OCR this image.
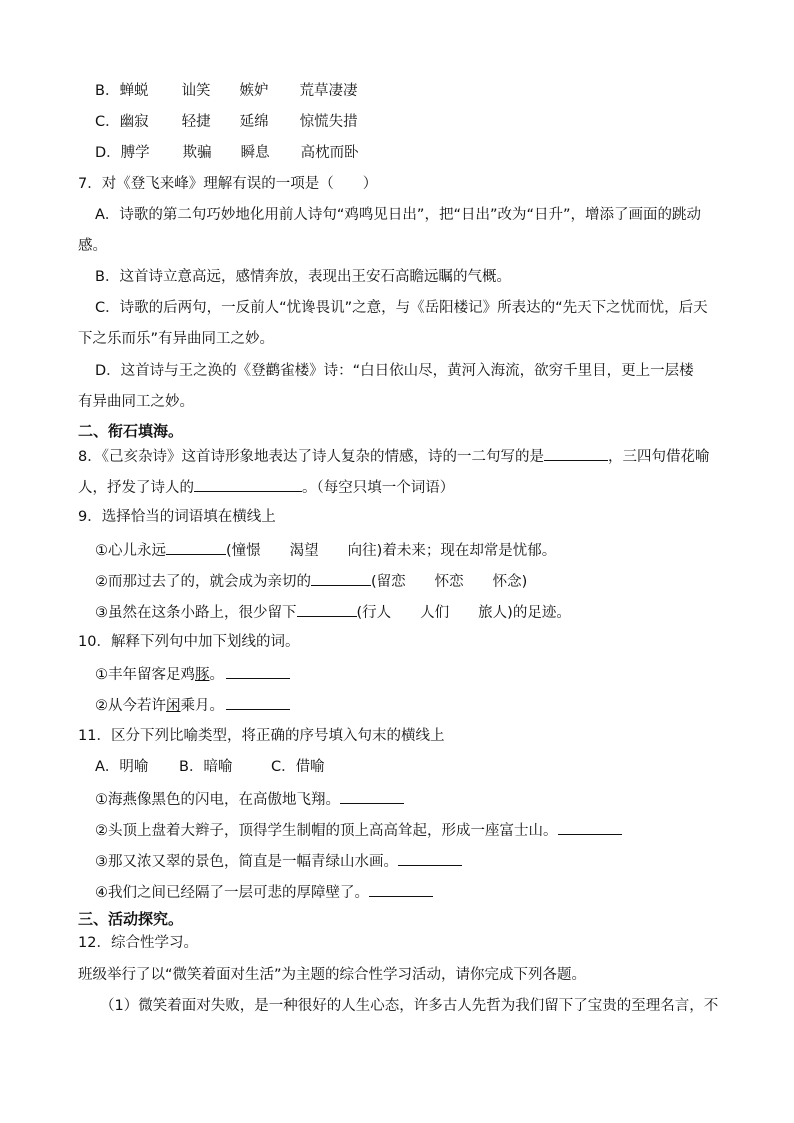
B．蝉蜕 讪笑 嫉妒 荒草凄凄
C．幽寂 轻捷 延绵 惊慌失措
D．膊学 欺骗 瞬息 高枕而卧
7．对《登飞来峰》理解有误的一项是（　　）
A．诗歌的第二句巧妙地化用前人诗句“鸡鸣见日出”，把“日出”改为“日升”，增添了画面的跳动
感。
B．这首诗立意高远，感情奔放，表现出王安石高瞻远瞩的气概。
C．诗歌的后两句，一反前人“忧谗畏讥”之意，与《岳阳楼记》所表达的“先天下之忧而忧，后天
下之乐而乐”有异曲同工之妙。
D．这首诗与王之涣的《登鹳雀楼》诗：“白日依山尽，黄河入海流，欲穷千里目，更上一层楼
有异曲同工之妙。
二、衔石填海。
8．《己亥杂诗》这首诗形象地表达了诗人复杂的情感，诗的一二句写的是	，三四句借花喻
人，抒发了诗人的	。（每空只填一个词语）
9．选择恰当的词语填在横线上
①心儿永远	(憧憬　　渴望　　向往)着未来；现在却常是忧郁。
②而那过去了的，就会成为亲切的	(留恋　　怀恋　　怀念)
③虽然在这条小路上，很少留下	(行人　　人们　　旅人)的足迹。
10．解释下列句中加下划线的词。
①丰年留客足鸡豚。
②从今若许闲乘月。
11．区分下列比喻类型，将正确的序号填入句末的横线上
A．明喻 B．暗喻	C．借喻
①海燕像黑色的闪电，在高傲地飞翔。
②头顶上盘着大辫子，顶得学生制帽的顶上高高耸起，形成一座富士山。
③那又浓又翠的景色，简直是一幅青绿山水画。
④我们之间已经隔了一层可悲的厚障壁了。
三、活动探究。
12．综合性学习。
班级举行了以“微笑着面对生活”为主题的综合性学习活动，请你完成下列各题。
（1）微笑着面对失败，是一种很好的人生心态，许多古人先哲为我们留下了宝贵的至理名言，不
